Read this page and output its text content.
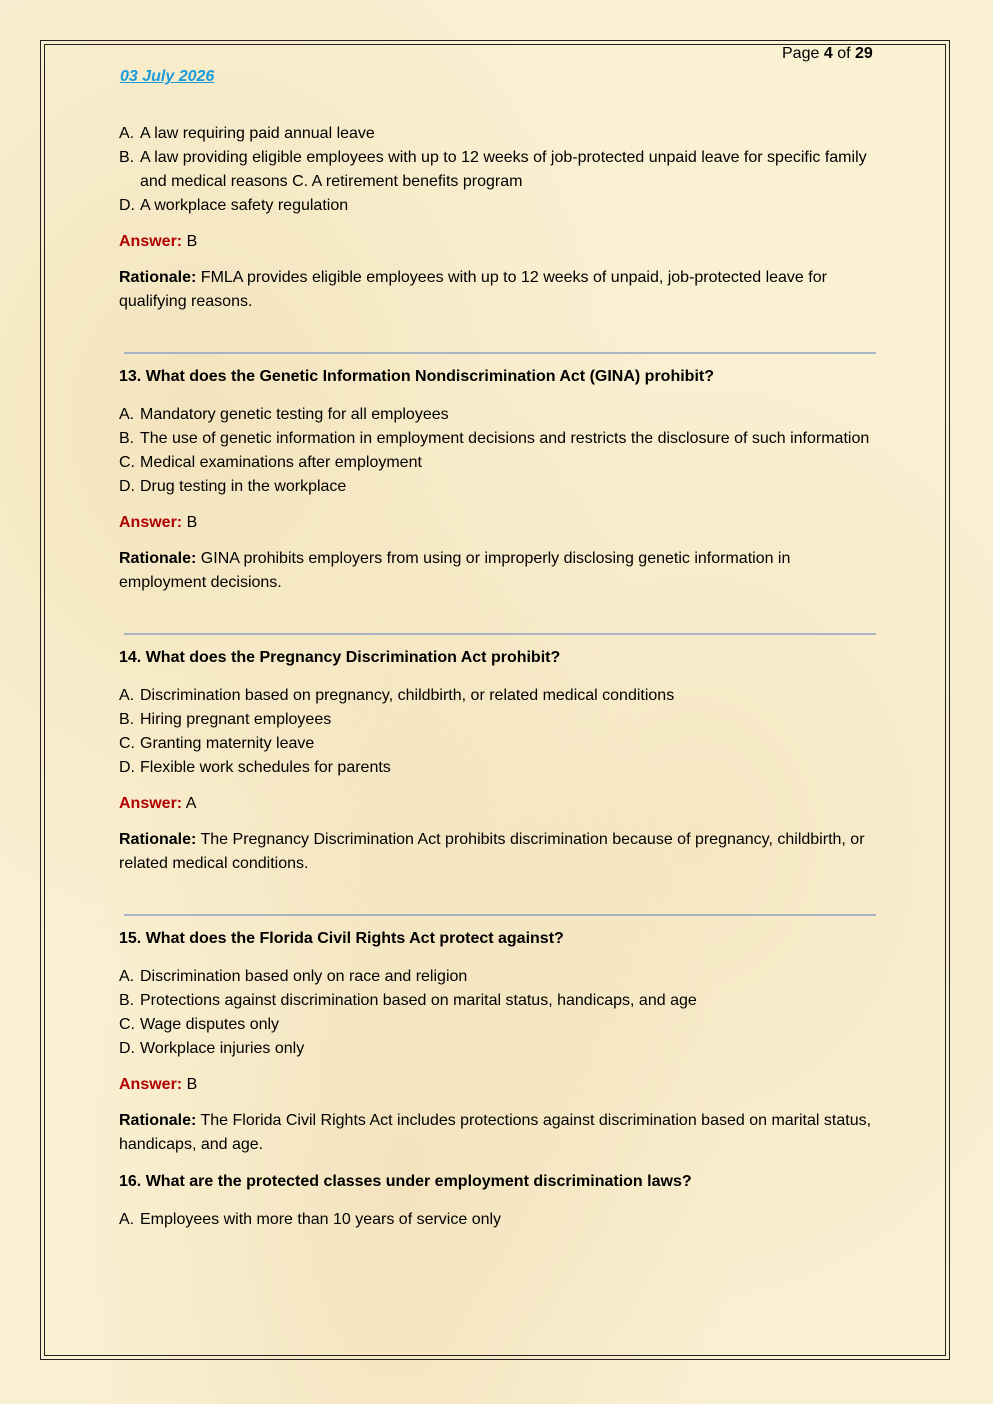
Page 4 of 29
03 July 2026
A. A law requiring paid annual leave
B. A law providing eligible employees with up to 12 weeks of job-protected unpaid leave for specific family and medical reasons C. A retirement benefits program
D. A workplace safety regulation
Answer: B
Rationale: FMLA provides eligible employees with up to 12 weeks of unpaid, job-protected leave for qualifying reasons.
13. What does the Genetic Information Nondiscrimination Act (GINA) prohibit?
A. Mandatory genetic testing for all employees
B. The use of genetic information in employment decisions and restricts the disclosure of such information
C. Medical examinations after employment
D. Drug testing in the workplace
Answer: B
Rationale: GINA prohibits employers from using or improperly disclosing genetic information in employment decisions.
14. What does the Pregnancy Discrimination Act prohibit?
A. Discrimination based on pregnancy, childbirth, or related medical conditions
B. Hiring pregnant employees
C. Granting maternity leave
D. Flexible work schedules for parents
Answer: A
Rationale: The Pregnancy Discrimination Act prohibits discrimination because of pregnancy, childbirth, or related medical conditions.
15. What does the Florida Civil Rights Act protect against?
A. Discrimination based only on race and religion
B. Protections against discrimination based on marital status, handicaps, and age
C. Wage disputes only
D. Workplace injuries only
Answer: B
Rationale: The Florida Civil Rights Act includes protections against discrimination based on marital status, handicaps, and age.
16. What are the protected classes under employment discrimination laws?
A. Employees with more than 10 years of service only
